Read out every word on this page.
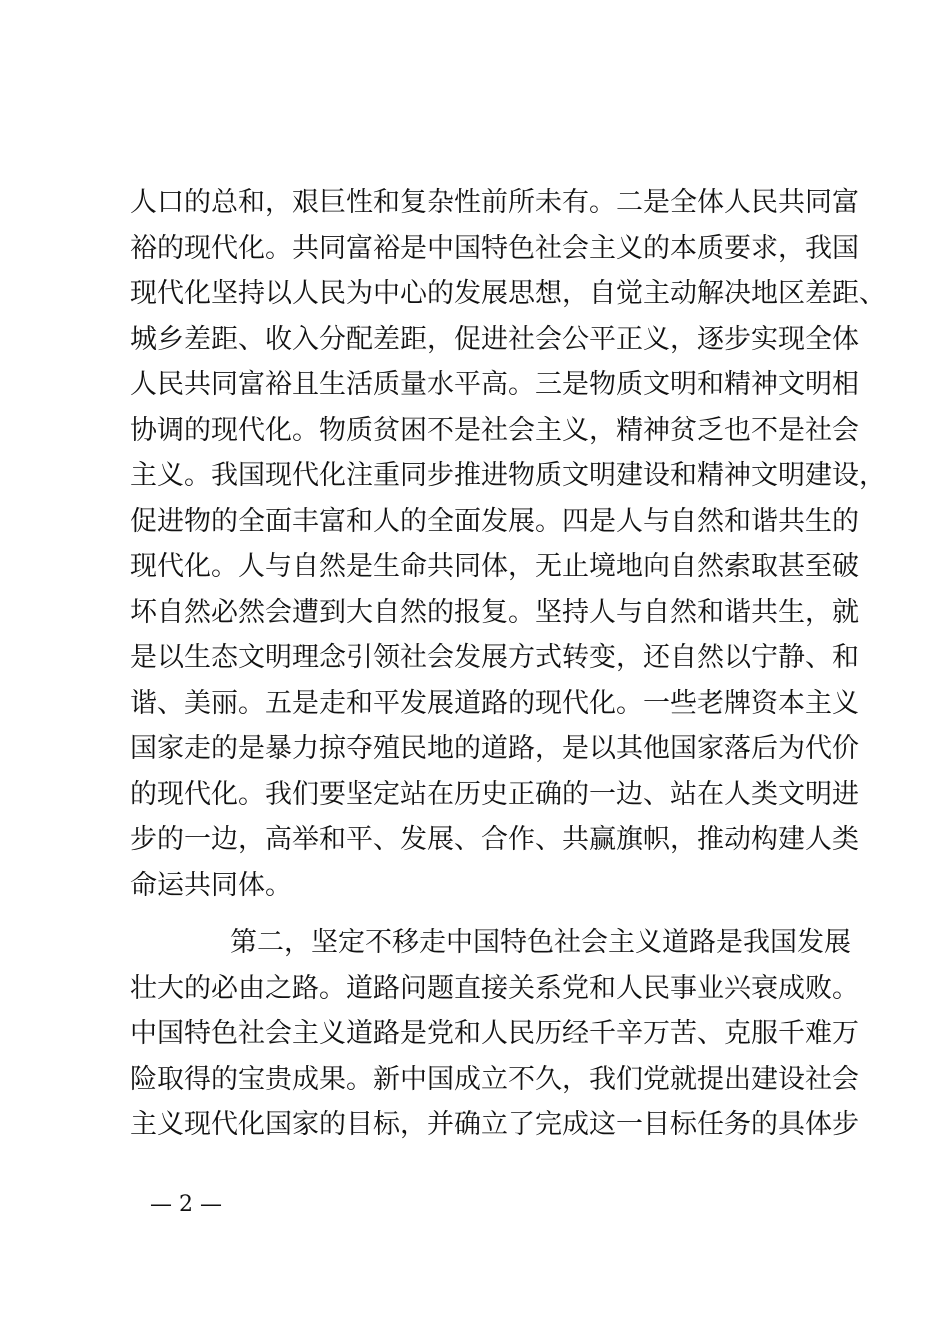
人口的总和，艰巨性和复杂性前所未有。二是全体人民共同富
裕的现代化。共同富裕是中国特色社会主义的本质要求，我国
现代化坚持以人民为中心的发展思想，自觉主动解决地区差距、
城乡差距、收入分配差距，促进社会公平正义，逐步实现全体
人民共同富裕且生活质量水平高。三是物质文明和精神文明相
协调的现代化。物质贫困不是社会主义，精神贫乏也不是社会
主义。我国现代化注重同步推进物质文明建设和精神文明建设，
促进物的全面丰富和人的全面发展。四是人与自然和谐共生的
现代化。人与自然是生命共同体，无止境地向自然索取甚至破
坏自然必然会遭到大自然的报复。坚持人与自然和谐共生，就
是以生态文明理念引领社会发展方式转变，还自然以宁静、和
谐、美丽。五是走和平发展道路的现代化。一些老牌资本主义
国家走的是暴力掠夺殖民地的道路，是以其他国家落后为代价
的现代化。我们要坚定站在历史正确的一边、站在人类文明进
步的一边，高举和平、发展、合作、共赢旗帜，推动构建人类
命运共同体。
第二，坚定不移走中国特色社会主义道路是我国发展
壮大的必由之路。道路问题直接关系党和人民事业兴衰成败。
中国特色社会主义道路是党和人民历经千辛万苦、克服千难万
险取得的宝贵成果。新中国成立不久，我们党就提出建设社会
主义现代化国家的目标，并确立了完成这一目标任务的具体步
— 2 —
